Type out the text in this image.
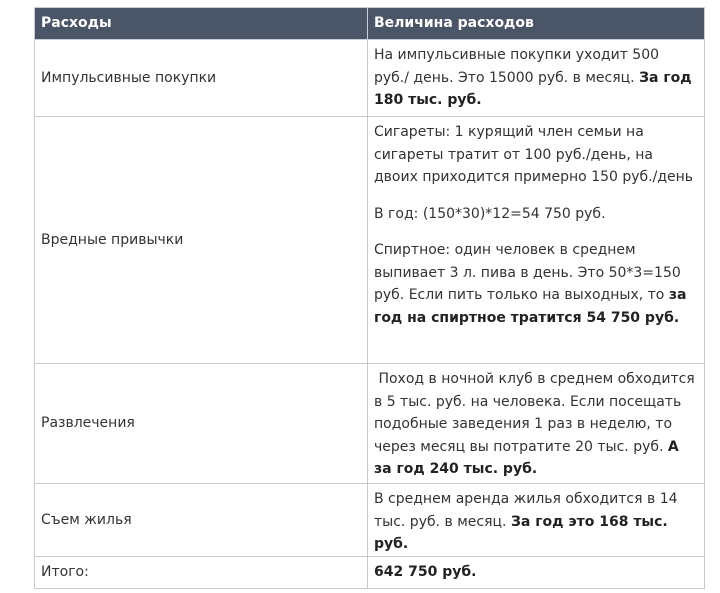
Расходы	Величина расходов
Импульсивные покупки	На импульсивные покупки уходит 500 руб./ день. Это 15000 руб. в месяц. За год 180 тыс. руб.

Вредные привычки	Сигареты: 1 курящий член семьи на сигареты тратит от 100 руб./день, на двоих приходится примерно 150 руб./день

В год: (150*30)*12=54 750 руб.

Спиртное: один человек в среднем выпивает 3 л. пива в день. Это 50*3=150 руб. Если пить только на выходных, то за год на спиртное тратится 54 750 руб.

Развлечения	Поход в ночной клуб в среднем обходится в 5 тыс. руб. на человека. Если посещать подобные заведения 1 раз в неделю, то через месяц вы потратите 20 тыс. руб. А за год 240 тыс. руб.

Съем жилья	В среднем аренда жилья обходится в 14 тыс. руб. в месяц. За год это 168 тыс. руб.

Итого:	642 750 руб.
